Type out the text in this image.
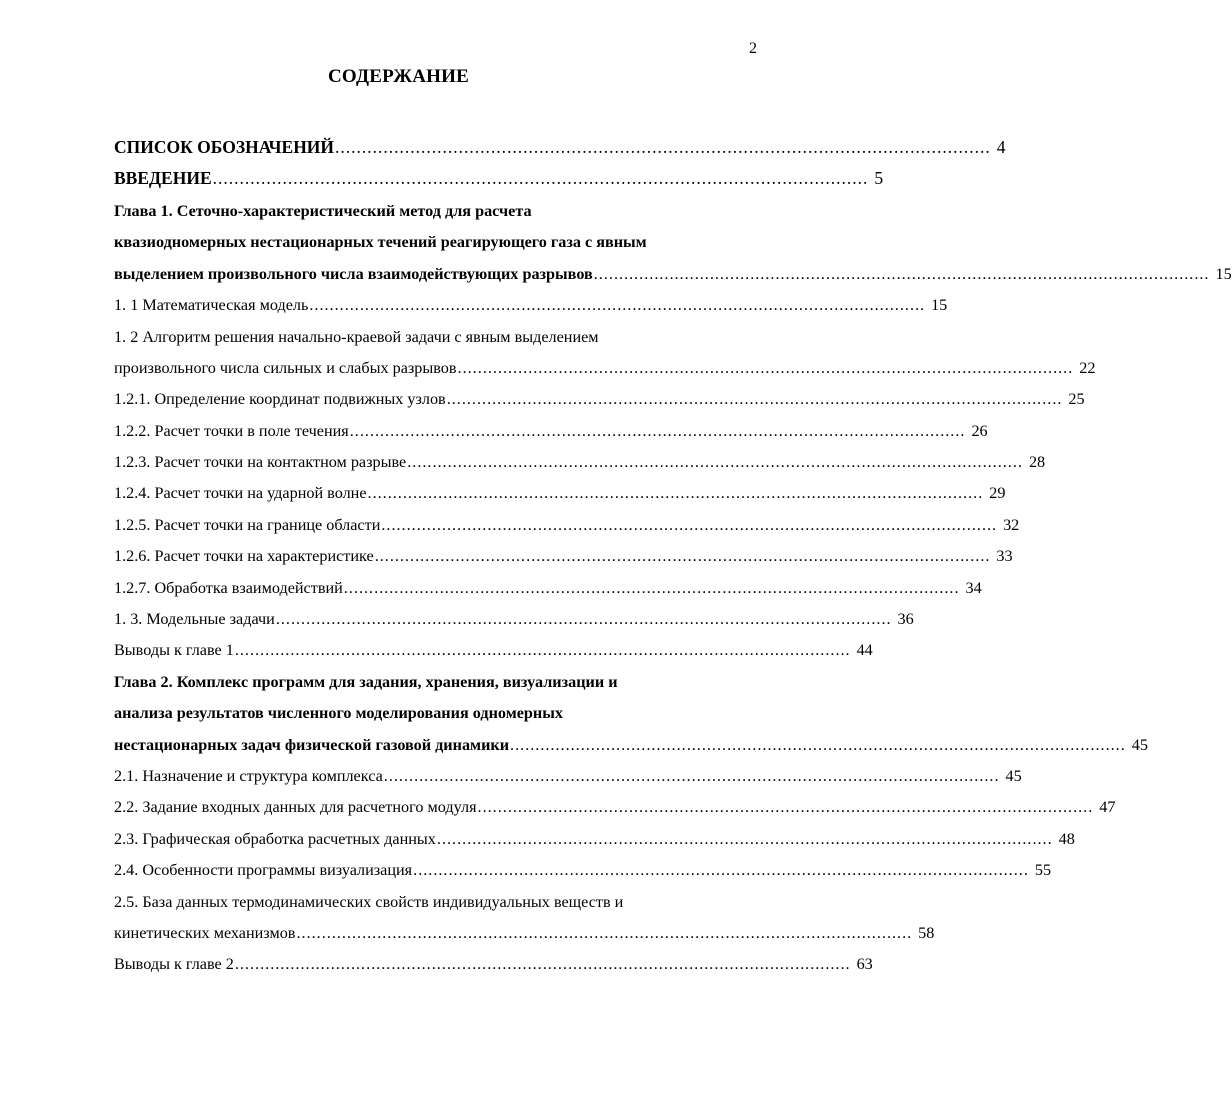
2
СОДЕРЖАНИЕ
СПИСОК ОБОЗНАЧЕНИЙ .......................................................................................................................... 4
ВВЕДЕНИЕ .......................................................................................................................... 5
Глава 1. Сеточно-характеристический метод для расчета
квазиодномерных нестационарных течений реагирующего газа с явным
выделением произвольного числа взаимодействующих разрывов .......................................................................................................................... 15
1. 1 Математическая модель .......................................................................................................................... 15
1. 2 Алгоритм решения начально-краевой задачи с явным выделением
произвольного числа сильных и слабых разрывов .......................................................................................................................... 22
1.2.1. Определение координат подвижных узлов .......................................................................................................................... 25
1.2.2. Расчет точки в поле течения .......................................................................................................................... 26
1.2.3. Расчет точки на контактном разрыве .......................................................................................................................... 28
1.2.4. Расчет точки на ударной волне .......................................................................................................................... 29
1.2.5. Расчет точки на границе области .......................................................................................................................... 32
1.2.6. Расчет точки на характеристике .......................................................................................................................... 33
1.2.7. Обработка взаимодействий .......................................................................................................................... 34
1. 3. Модельные задачи .......................................................................................................................... 36
Выводы к главе 1 .......................................................................................................................... 44
Глава 2. Комплекс программ для задания, хранения, визуализации и
анализа результатов численного моделирования одномерных
нестационарных задач физической газовой динамики .......................................................................................................................... 45
2.1. Назначение и структура комплекса .......................................................................................................................... 45
2.2. Задание входных данных для расчетного модуля .......................................................................................................................... 47
2.3. Графическая обработка расчетных данных .......................................................................................................................... 48
2.4. Особенности программы визуализация .......................................................................................................................... 55
2.5. База данных термодинамических свойств индивидуальных веществ и
кинетических механизмов .......................................................................................................................... 58
Выводы к главе 2 .......................................................................................................................... 63
